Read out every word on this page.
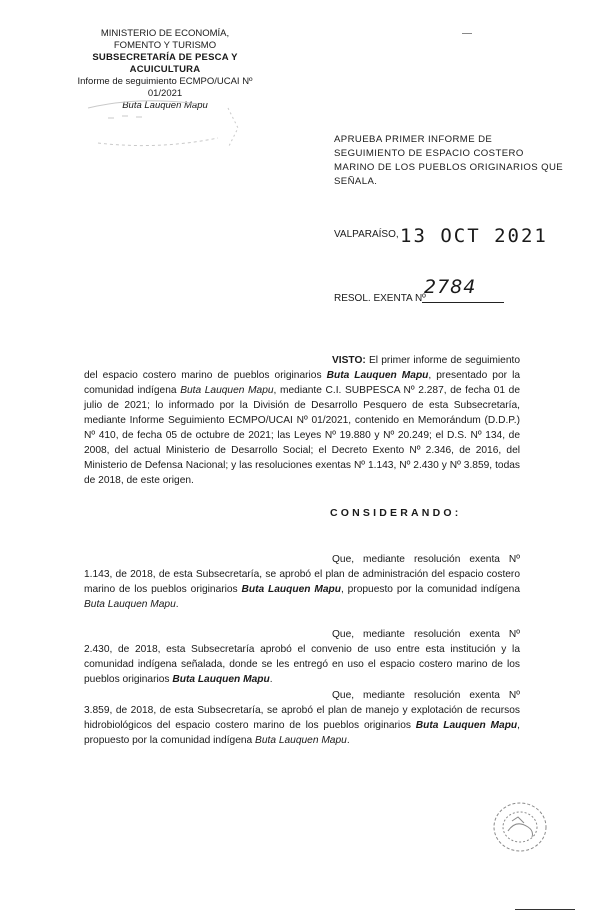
MINISTERIO DE ECONOMÍA,
FOMENTO Y TURISMO
SUBSECRETARÍA DE PESCA Y ACUICULTURA
Informe de seguimiento ECMPO/UCAI Nº 01/2021
Buta Lauquen Mapu
APRUEBA PRIMER INFORME DE SEGUIMIENTO DE ESPACIO COSTERO MARINO DE LOS PUEBLOS ORIGINARIOS QUE SEÑALA.
VALPARAÍSO, 13 OCT 2021
RESOL. EXENTA Nº
2784

VISTO: El primer informe de seguimiento del espacio costero marino de pueblos originarios Buta Lauquen Mapu, presentado por la comunidad indígena Buta Lauquen Mapu, mediante C.I. SUBPESCA Nº 2.287, de fecha 01 de julio de 2021; lo informado por la División de Desarrollo Pesquero de esta Subsecretaría, mediante Informe Seguimiento ECMPO/UCAI Nº 01/2021, contenido en Memorándum (D.D.P.) Nº 410, de fecha 05 de octubre de 2021; las Leyes Nº 19.880 y Nº 20.249; el D.S. Nº 134, de 2008, del actual Ministerio de Desarrollo Social; el Decreto Exento Nº 2.346, de 2016, del Ministerio de Defensa Nacional; y las resoluciones exentas Nº 1.143, Nº 2.430 y Nº 3.859, todas de 2018, de este origen.

CONSIDERANDO:

Que, mediante resolución exenta Nº 1.143, de 2018, de esta Subsecretaría, se aprobó el plan de administración del espacio costero marino de los pueblos originarios Buta Lauquen Mapu, propuesto por la comunidad indígena Buta Lauquen Mapu.

Que, mediante resolución exenta Nº 2.430, de 2018, esta Subsecretaría aprobó el convenio de uso entre esta institución y la comunidad indígena señalada, donde se les entregó en uso el espacio costero marino de los pueblos originarios Buta Lauquen Mapu.

Que, mediante resolución exenta Nº 3.859, de 2018, de esta Subsecretaría, se aprobó el plan de manejo y explotación de recursos hidrobiológicos del espacio costero marino de los pueblos originarios Buta Lauquen Mapu, propuesto por la comunidad indígena Buta Lauquen Mapu.
